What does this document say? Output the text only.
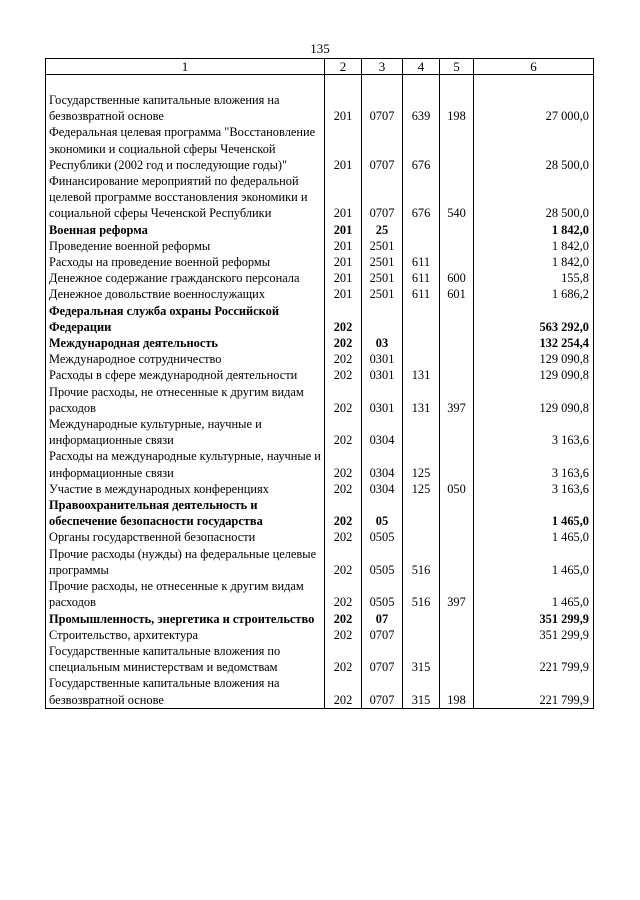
135
1	2	3	4	5	6

Государственные капитальные вложения на безвозвратной основе	201	0707	639	198	27 000,0
Федеральная целевая программа "Восстановление экономики и социальной сферы Чеченской Республики (2002 год и последующие годы)"	201	0707	676		28 500,0
Финансирование мероприятий по федеральной целевой программе восстановления экономики и социальной сферы Чеченской Республики	201	0707	676	540	28 500,0
Военная реформа	201	25			1 842,0
Проведение военной реформы	201	2501			1 842,0
Расходы на проведение военной реформы	201	2501	611		1 842,0
Денежное содержание гражданского персонала	201	2501	611	600	155,8
Денежное довольствие военнослужащих	201	2501	611	601	1 686,2
Федеральная служба охраны Российской Федерации	202				563 292,0
Международная деятельность	202	03			132 254,4
Международное сотрудничество	202	0301			129 090,8
Расходы в сфере международной деятельности	202	0301	131		129 090,8
Прочие расходы, не отнесенные к другим видам расходов	202	0301	131	397	129 090,8
Международные культурные, научные и информационные связи	202	0304			3 163,6
Расходы на международные культурные, научные и информационные связи	202	0304	125		3 163,6
Участие в международных конференциях	202	0304	125	050	3 163,6
Правоохранительная деятельность и обеспечение безопасности государства	202	05			1 465,0
Органы государственной безопасности	202	0505			1 465,0
Прочие расходы (нужды) на федеральные целевые программы	202	0505	516		1 465,0
Прочие расходы, не отнесенные к другим видам расходов	202	0505	516	397	1 465,0
Промышленность, энергетика и строительство	202	07			351 299,9
Строительство, архитектура	202	0707			351 299,9
Государственные капитальные вложения по специальным министерствам и ведомствам	202	0707	315		221 799,9
Государственные капитальные вложения на безвозвратной основе	202	0707	315	198	221 799,9
